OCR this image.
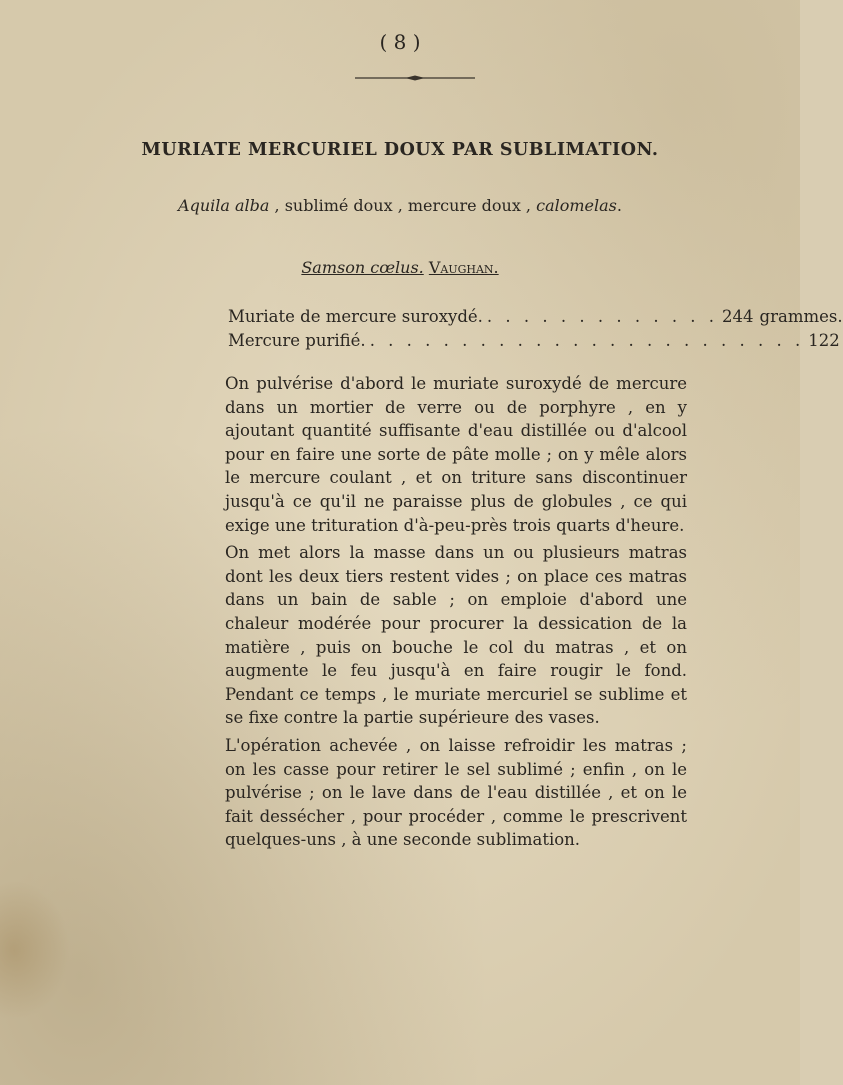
( 8 )
MURIATE MERCURIEL DOUX PAR SUBLIMATION.
Aquila alba , sublimé doux , mercure doux , calomelas.
Samson cœlus. Vaughan.
Muriate de mercure suroxydé. . . . . . . . . . . . . . 244 grammes.
Mercure purifié. . . . . . . . . . . . . . . . . . . . . . . . . 122

On pulvérise d'abord le muriate suroxydé de mercure dans un mortier de verre ou de porphyre , en y ajoutant quantité suffisante d'eau distillée ou d'alcool pour en faire une sorte de pâte molle ; on y mêle alors le mercure coulant , et on triture sans discontinuer jusqu'à ce qu'il ne paraisse plus de globules , ce qui exige une trituration d'à-peu-près trois quarts d'heure.

On met alors la masse dans un ou plusieurs matras dont les deux tiers restent vides ; on place ces matras dans un bain de sable ; on emploie d'abord une chaleur modérée pour procurer la dessication de la matière , puis on bouche le col du matras , et on augmente le feu jusqu'à en faire rougir le fond. Pendant ce temps , le muriate mercuriel se sublime et se fixe contre la partie supérieure des vases.

L'opération achevée , on laisse refroidir les matras ; on les casse pour retirer le sel sublimé ; enfin , on le pulvérise ; on le lave dans de l'eau distillée , et on le fait dessécher , pour procéder , comme le prescrivent quelques-uns , à une seconde sublimation.
